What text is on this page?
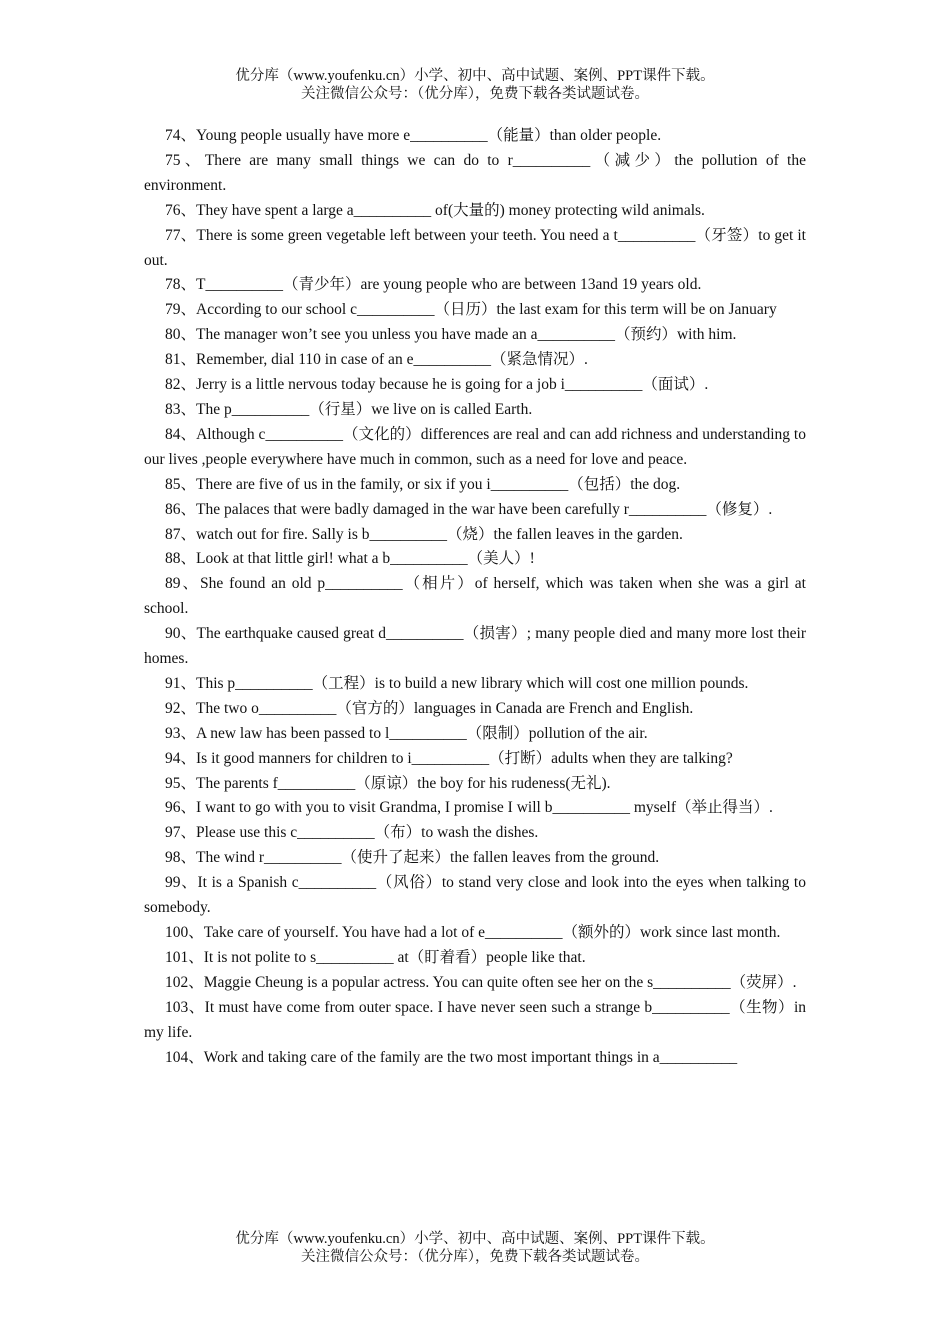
优分库（www.youfenku.cn）小学、初中、高中试题、案例、PPT课件下载。
关注微信公众号：（优分库），免费下载各类试题试卷。

74、Young people usually have more e__________（能量）than older people.

75、There are many small things we can do to r__________（减少）the pollution of the environment.

76、They have spent a large a__________ of(大量的) money protecting wild animals.

77、There is some green vegetable left between your teeth. You need a t__________（牙签）to get it out.

78、T__________（青少年）are young people who are between 13and 19 years old.

79、According to our school c__________（日历）the last exam for this term will be on January

80、The manager won’t see you unless you have made an a__________（预约）with him.

81、Remember, dial 110 in case of an e__________（紧急情况）.

82、Jerry is a little nervous today because he is going for a job i__________（面试）.

83、The p__________（行星）we live on is called Earth.

84、Although c__________（文化的）differences are real and can add richness and understanding to our lives ,people everywhere have much in common, such as a need for love and peace.

85、There are five of us in the family, or six if you i__________（包括）the dog.

86、The palaces that were badly damaged in the war have been carefully r__________（修复）.

87、watch out for fire. Sally is b__________（烧）the fallen leaves in the garden.

88、Look at that little girl! what a b__________（美人）!

89、She found an old p__________（相片）of herself, which was taken when she was a girl at school.

90、The earthquake caused great d__________（损害）; many people died and many more lost their homes.

91、This p__________（工程）is to build a new library which will cost one million pounds.

92、The two o__________（官方的）languages in Canada are French and English.

93、A new law has been passed to l__________（限制）pollution of the air.

94、Is it good manners for children to i__________（打断）adults when they are talking?

95、The parents f__________（原谅）the boy for his rudeness(无礼).

96、I want to go with you to visit Grandma, I promise I will b__________ myself（举止得当）.

97、Please use this c__________（布）to wash the dishes.

98、The wind r__________（使升了起来）the fallen leaves from the ground.

99、It is a Spanish c__________（风俗）to stand very close and look into the eyes when talking to somebody.

100、Take care of yourself. You have had a lot of e__________（额外的）work since last month.

101、It is not polite to s__________ at（盯着看）people like that.

102、Maggie Cheung is a popular actress. You can quite often see her on the s__________（荧屏）.

103、It must have come from outer space. I have never seen such a strange b__________（生物）in my life.

104、Work and taking care of the family are the two most important things in a__________

优分库（www.youfenku.cn）小学、初中、高中试题、案例、PPT课件下载。
关注微信公众号：（优分库），免费下载各类试题试卷。
